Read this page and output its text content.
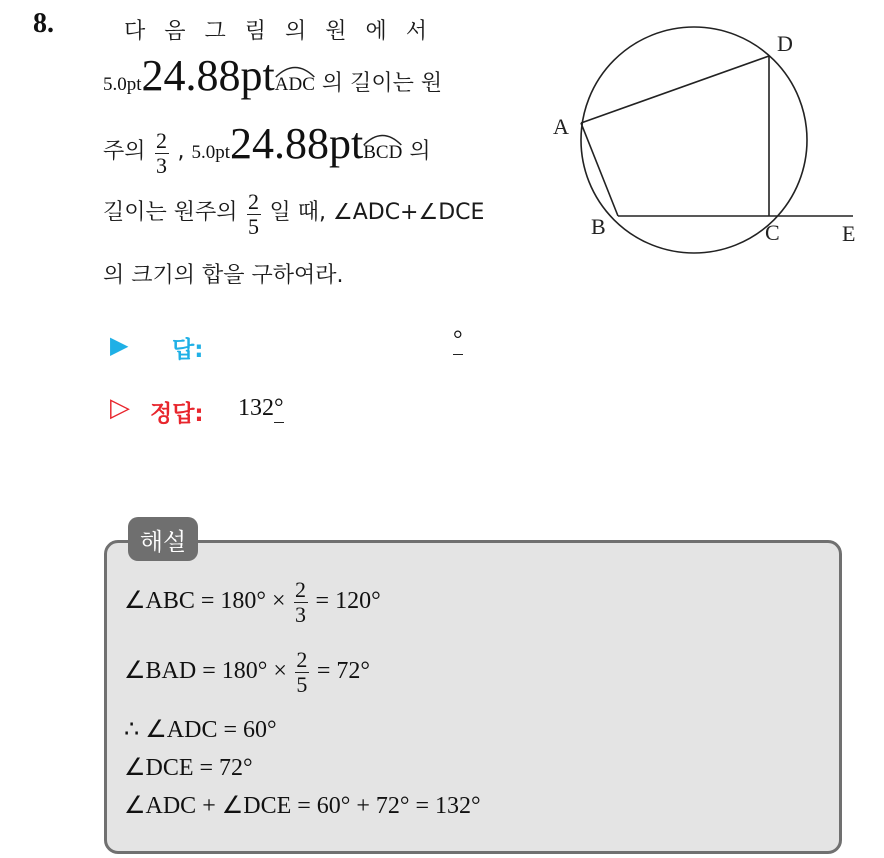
8.	다 음 그 림 의 원 에 서
5.0pt24.88pt
ADC 의 길이는 원
주의 $\frac{2}{3}$ , 5.0pt24.88pt
BCD 의
길이는 원주의 $\frac{2}{5}$ 일 때, ∠ADC+∠DCE
의 크기의 합을 구하여라.
A
B	C
D
E
▶ 답:	°
▷ 정답: 132°
해설
∠ABC = $180^\circ \times \frac{2}{3} = 120^\circ$
∠BAD = $180^\circ \times \frac{2}{5} = 72^\circ$
∴ ∠ADC = 60°
∠DCE = 72°
∠ADC + ∠DCE = 60° + 72° = 132°
